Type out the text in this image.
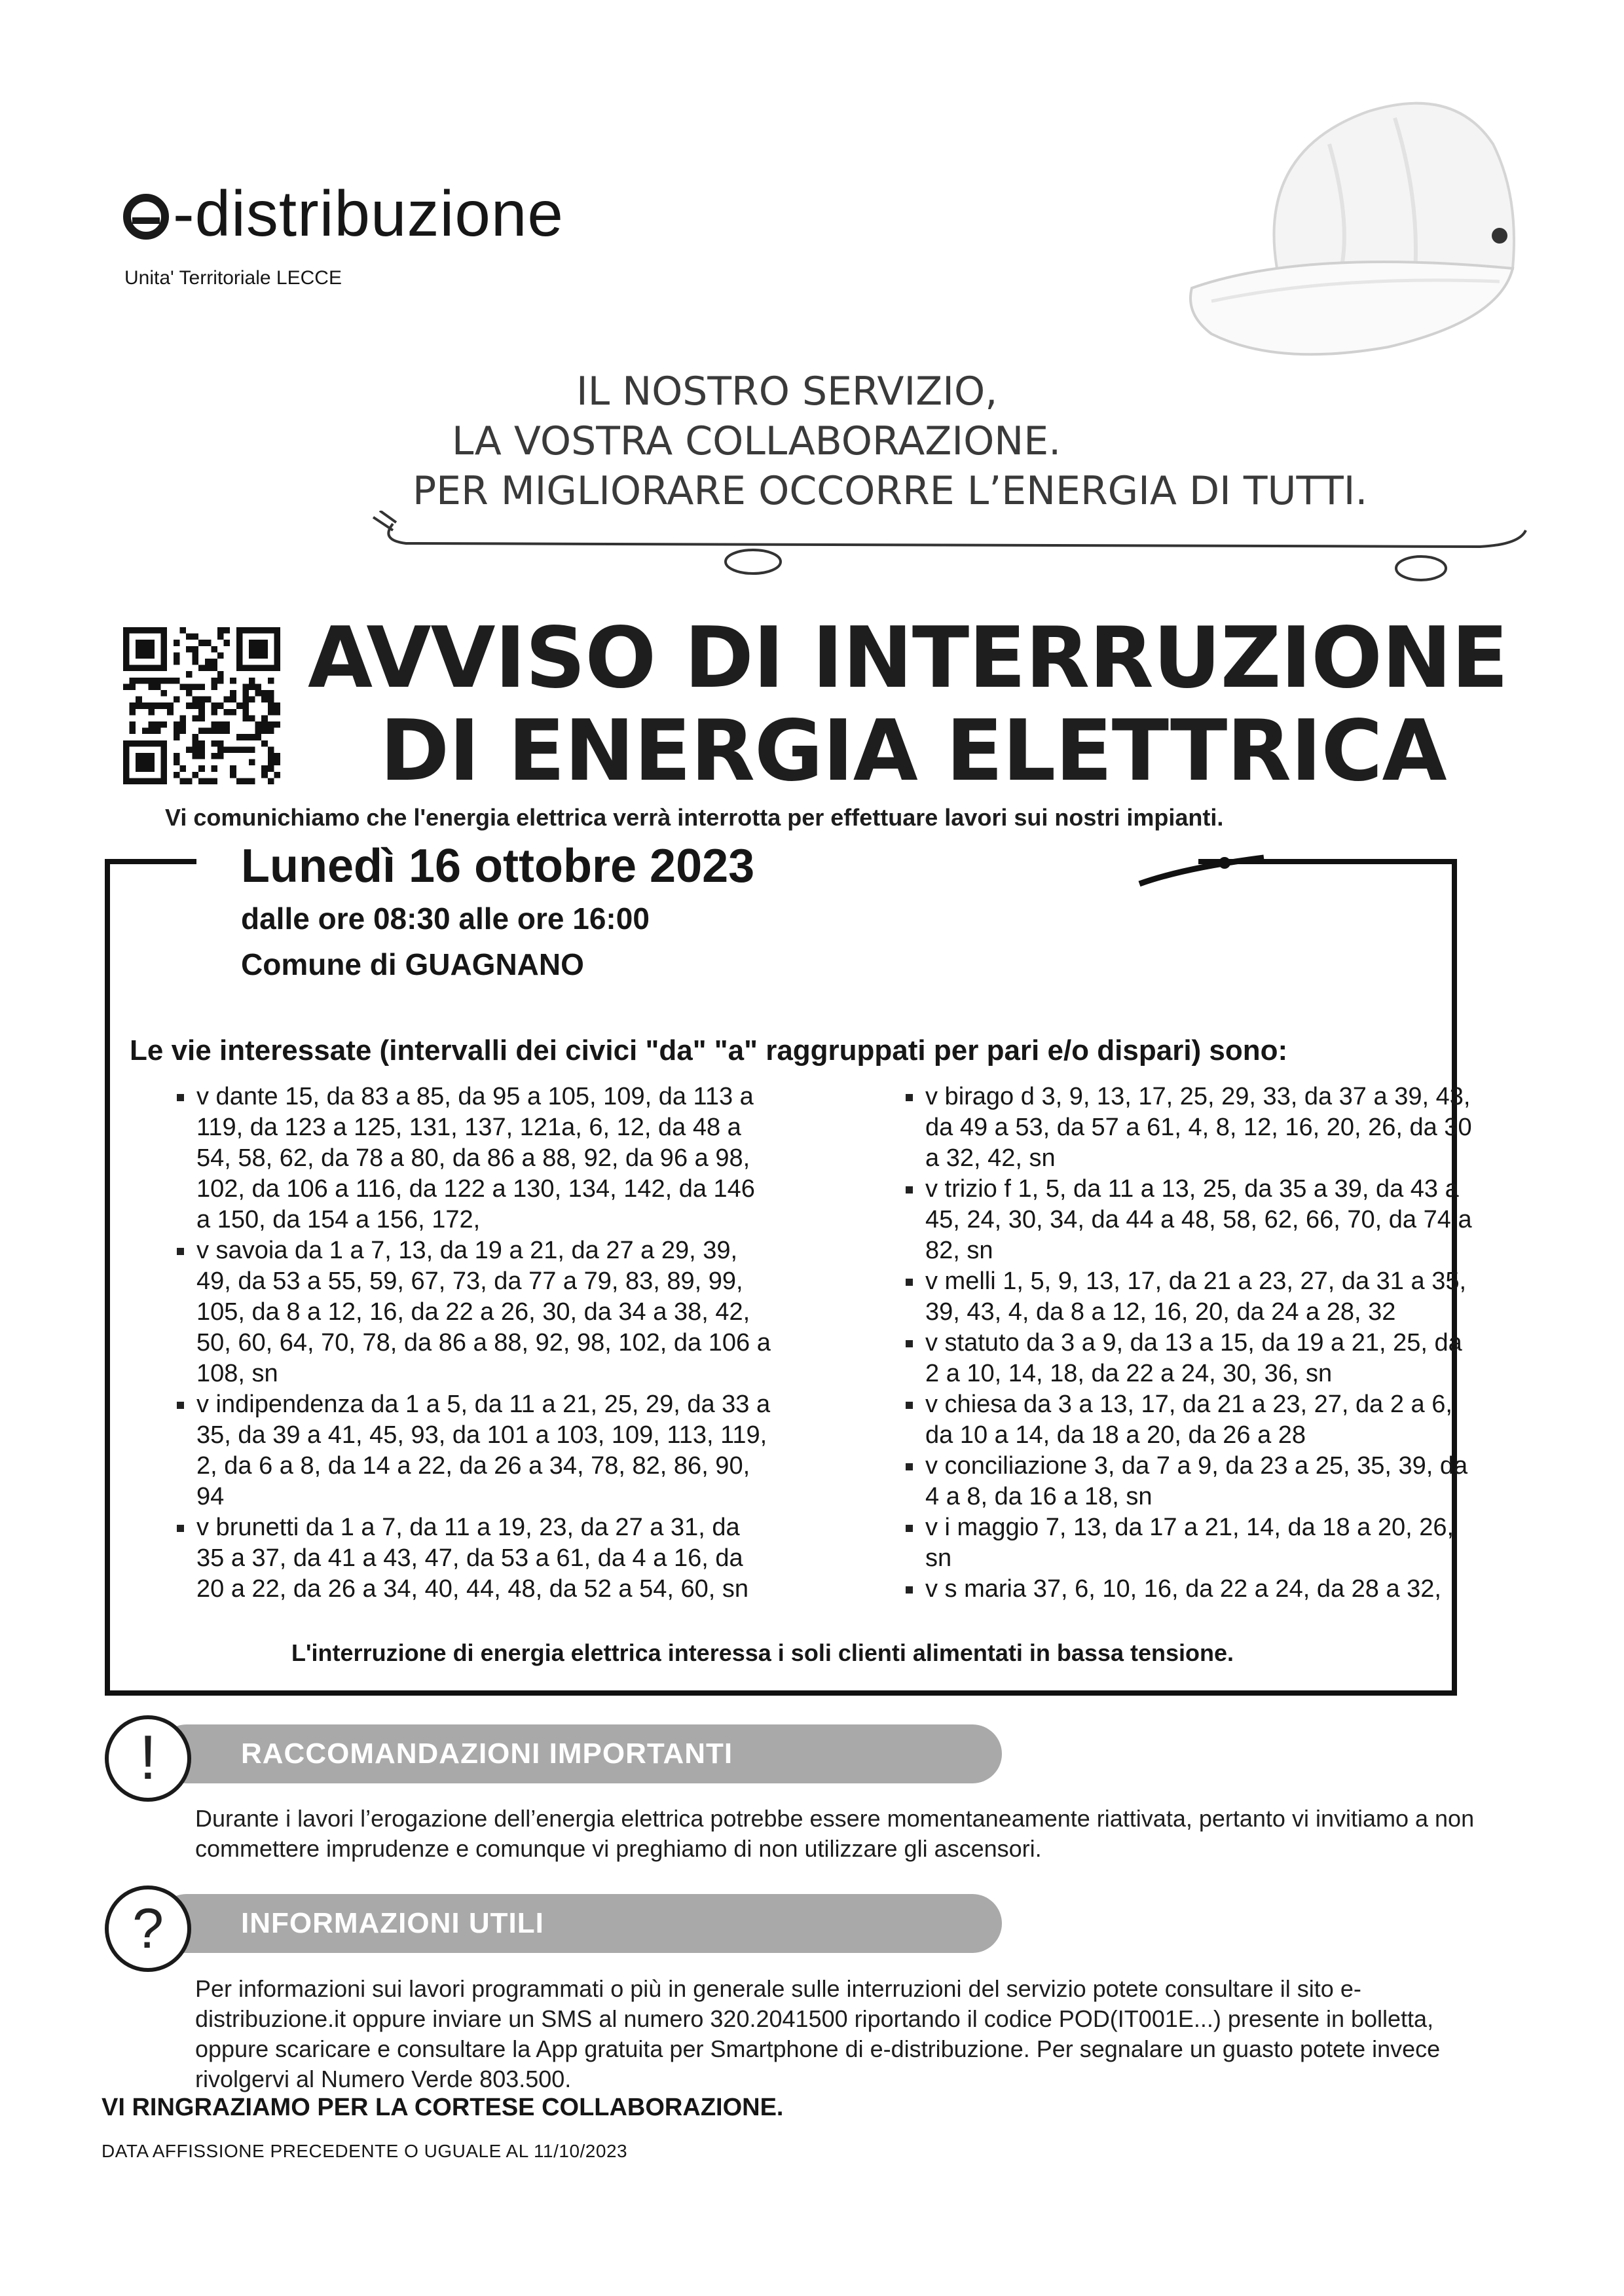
-distribuzione
Unita' Territoriale LECCE
IL NOSTRO SERVIZIO,
LA VOSTRA COLLABORAZIONE.
PER MIGLIORARE OCCORRE L’ENERGIA DI TUTTI.
AVVISO DI INTERRUZIONE
DI ENERGIA ELETTRICA
Vi comunichiamo che l'energia elettrica verrà interrotta per effettuare lavori sui nostri impianti.
Lunedì 16 ottobre 2023
dalle ore 08:30 alle ore 16:00
Comune di GUAGNANO
Le vie interessate (intervalli dei civici "da" "a" raggruppati per pari e/o dispari) sono:

v dante 15, da 83 a 85, da 95 a 105, 109, da 113 a 119, da 123 a 125, 131, 137, 121a, 6, 12, da 48 a 54, 58, 62, da 78 a 80, da 86 a 88, 92, da 96 a 98, 102, da 106 a 116, da 122 a 130, 134, 142, da 146 a 150, da 154 a 156, 172,

v savoia da 1 a 7, 13, da 19 a 21, da 27 a 29, 39, 49, da 53 a 55, 59, 67, 73, da 77 a 79, 83, 89, 99, 105, da 8 a 12, 16, da 22 a 26, 30, da 34 a 38, 42, 50, 60, 64, 70, 78, da 86 a 88, 92, 98, 102, da 106 a 108, sn

v indipendenza da 1 a 5, da 11 a 21, 25, 29, da 33 a 35, da 39 a 41, 45, 93, da 101 a 103, 109, 113, 119, 2, da 6 a 8, da 14 a 22, da 26 a 34, 78, 82, 86, 90, 94

v brunetti da 1 a 7, da 11 a 19, 23, da 27 a 31, da 35 a 37, da 41 a 43, 47, da 53 a 61, da 4 a 16, da 20 a 22, da 26 a 34, 40, 44, 48, da 52 a 54, 60, sn

v birago d 3, 9, 13, 17, 25, 29, 33, da 37 a 39, 43, da 49 a 53, da 57 a 61, 4, 8, 12, 16, 20, 26, da 30 a 32, 42, sn

v trizio f 1, 5, da 11 a 13, 25, da 35 a 39, da 43 a 45, 24, 30, 34, da 44 a 48, 58, 62, 66, 70, da 74 a 82, sn

v melli 1, 5, 9, 13, 17, da 21 a 23, 27, da 31 a 35, 39, 43, 4, da 8 a 12, 16, 20, da 24 a 28, 32

v statuto da 3 a 9, da 13 a 15, da 19 a 21, 25, da 2 a 10, 14, 18, da 22 a 24, 30, 36, sn

v chiesa da 3 a 13, 17, da 21 a 23, 27, da 2 a 6, da 10 a 14, da 18 a 20, da 26 a 28

v conciliazione 3, da 7 a 9, da 23 a 25, 35, 39, da 4 a 8, da 16 a 18, sn

v i maggio 7, 13, da 17 a 21, 14, da 18 a 20, 26, sn

v s maria 37, 6, 10, 16, da 22 a 24, da 28 a 32,

L'interruzione di energia elettrica interessa i soli clienti alimentati in bassa tensione.
RACCOMANDAZIONI IMPORTANTI
!
Durante i lavori l’erogazione dell’energia elettrica potrebbe essere momentaneamente riattivata, pertanto vi invitiamo a non commettere imprudenze e comunque vi preghiamo di non utilizzare gli ascensori.
INFORMAZIONI UTILI
?
Per informazioni sui lavori programmati o più in generale sulle interruzioni del servizio potete consultare il sito e-distribuzione.it oppure inviare un SMS al numero 320.2041500 riportando il codice POD(IT001E...) presente in bolletta, oppure scaricare e consultare la App gratuita per Smartphone di e-distribuzione. Per segnalare un guasto potete invece rivolgervi al Numero Verde 803.500.
VI RINGRAZIAMO PER LA CORTESE COLLABORAZIONE.
DATA AFFISSIONE PRECEDENTE O UGUALE AL 11/10/2023
